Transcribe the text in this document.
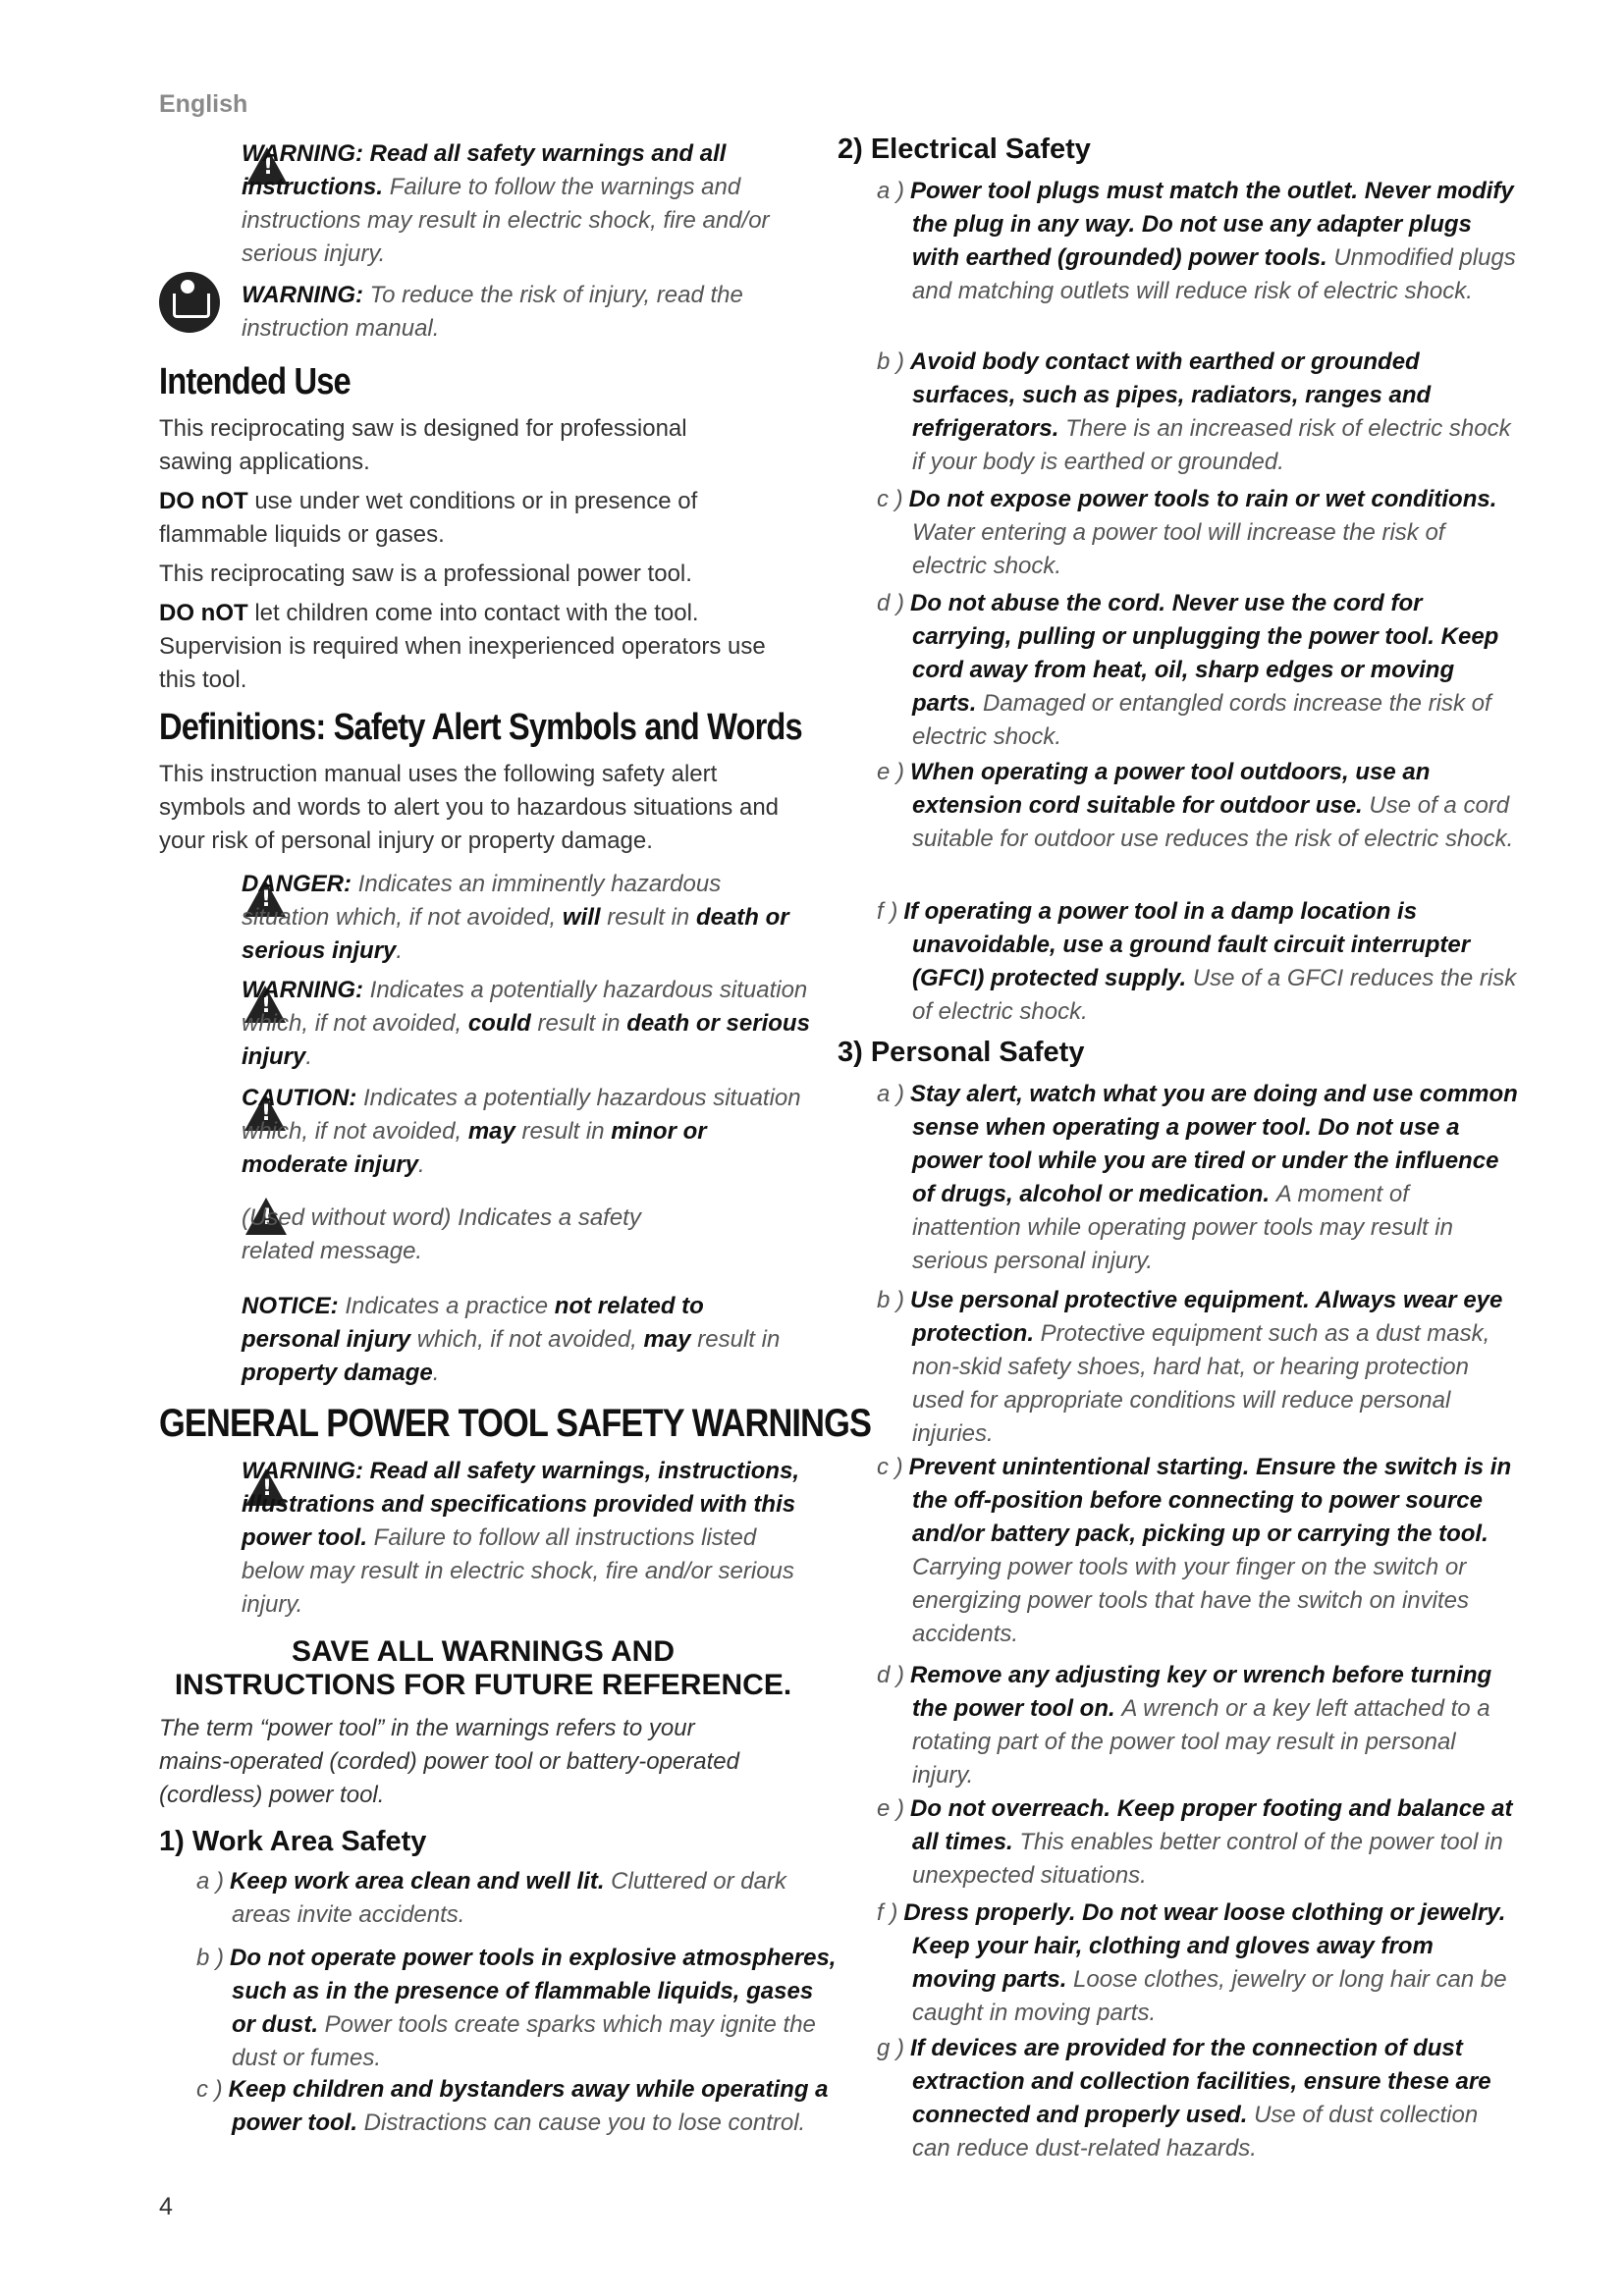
English
!
WARNING: Read all safety warnings and all instructions. Failure to follow the warnings and instructions may result in electric shock, fire and/or serious injury.
WARNING: To reduce the risk of injury, read the instruction manual.
Intended Use
This reciprocating saw is designed for professional sawing applications.
DO nOT use under wet conditions or in presence of flammable liquids or gases.
This reciprocating saw is a professional power tool.
DO nOT let children come into contact with the tool. Supervision is required when inexperienced operators use this tool.
Definitions: Safety Alert Symbols and Words
This instruction manual uses the following safety alert symbols and words to alert you to hazardous situations and your risk of personal injury or property damage.
!
DANGER: Indicates an imminently hazardous situation which, if not avoided, will result in death or serious injury.
!
WARNING: Indicates a potentially hazardous situation which, if not avoided, could result in death or serious injury.
!
CAUTION: Indicates a potentially hazardous situation which, if not avoided, may result in minor or moderate injury.
!
(Used without word) Indicates a safety related message.
NOTICE: Indicates a practice not related to personal injury which, if not avoided, may result in property damage.
GENERAL POWER TOOL SAFETY WARNINGS
!
WARNING: Read all safety warnings, instructions, illustrations and specifications provided with this power tool. Failure to follow all instructions listed below may result in electric shock, fire and/or serious injury.
SAVE ALL WARNINGS AND
INSTRUCTIONS FOR FUTURE REFERENCE.
The term “power tool” in the warnings refers to your mains-operated (corded) power tool or battery-operated (cordless) power tool.
1) Work Area Safety
a ) Keep work area clean and well lit. Cluttered or dark areas invite accidents.
b ) Do not operate power tools in explosive atmospheres, such as in the presence of flammable liquids, gases or dust. Power tools create sparks which may ignite the dust or fumes.
c ) Keep children and bystanders away while operating a power tool. Distractions can cause you to lose control.
2) Electrical Safety
a ) Power tool plugs must match the outlet. Never modify the plug in any way. Do not use any adapter plugs with earthed (grounded) power tools. Unmodified plugs and matching outlets will reduce risk of electric shock.
b ) Avoid body contact with earthed or grounded surfaces, such as pipes, radiators, ranges and refrigerators. There is an increased risk of electric shock if your body is earthed or grounded.
c ) Do not expose power tools to rain or wet conditions. Water entering a power tool will increase the risk of electric shock.
d ) Do not abuse the cord. Never use the cord for carrying, pulling or unplugging the power tool. Keep cord away from heat, oil, sharp edges or moving parts. Damaged or entangled cords increase the risk of electric shock.
e ) When operating a power tool outdoors, use an extension cord suitable for outdoor use. Use of a cord suitable for outdoor use reduces the risk of electric shock.
f ) If operating a power tool in a damp location is unavoidable, use a ground fault circuit interrupter (GFCI) protected supply. Use of a GFCI reduces the risk of electric shock.
3) Personal Safety
a ) Stay alert, watch what you are doing and use common sense when operating a power tool. Do not use a power tool while you are tired or under the influence of drugs, alcohol or medication. A moment of inattention while operating power tools may result in serious personal injury.
b ) Use personal protective equipment. Always wear eye protection. Protective equipment such as a dust mask, non-skid safety shoes, hard hat, or hearing protection used for appropriate conditions will reduce personal injuries.
c ) Prevent unintentional starting. Ensure the switch is in the off-position before connecting to power source and/or battery pack, picking up or carrying the tool. Carrying power tools with your finger on the switch or energizing power tools that have the switch on invites accidents.
d ) Remove any adjusting key or wrench before turning the power tool on. A wrench or a key left attached to a rotating part of the power tool may result in personal injury.
e ) Do not overreach. Keep proper footing and balance at all times. This enables better control of the power tool in unexpected situations.
f ) Dress properly. Do not wear loose clothing or jewelry. Keep your hair, clothing and gloves away from moving parts. Loose clothes, jewelry or long hair can be caught in moving parts.
g ) If devices are provided for the connection of dust extraction and collection facilities, ensure these are connected and properly used. Use of dust collection can reduce dust-related hazards.
4
